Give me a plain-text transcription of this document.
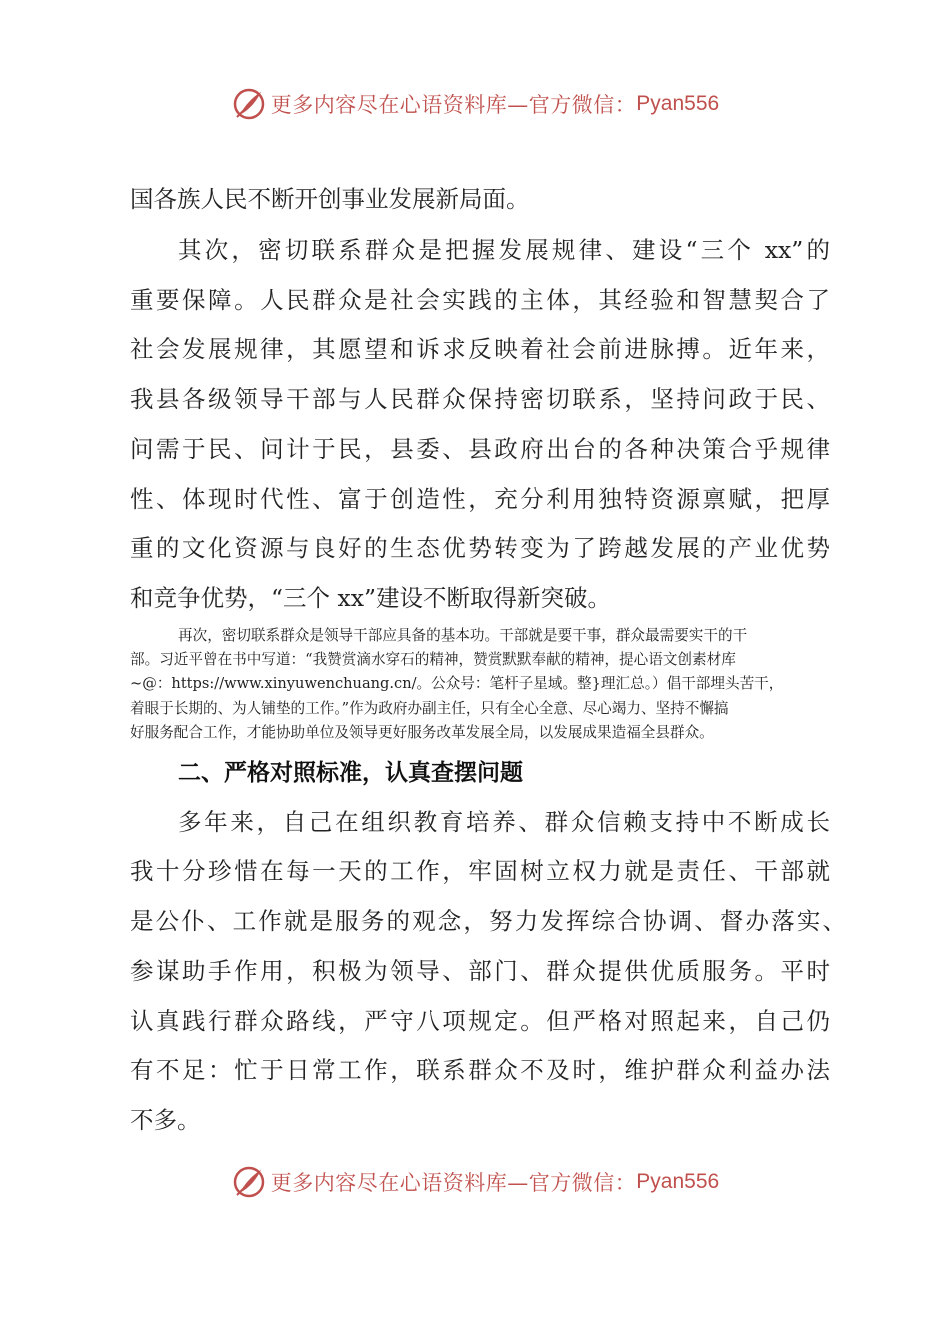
更多内容尽在心语资料库—官方微信： Pyan556
国各族人民不断开创事业发展新局面。
其次，密切联系群众是把握发展规律、建设“三个 xx”的
重要保障。人民群众是社会实践的主体，其经验和智慧契合了
社会发展规律，其愿望和诉求反映着社会前进脉搏。近年来，
我县各级领导干部与人民群众保持密切联系，坚持问政于民、
问需于民、问计于民，县委、县政府出台的各种决策合乎规律
性、体现时代性、富于创造性，充分利用独特资源禀赋，把厚
重的文化资源与良好的生态优势转变为了跨越发展的产业优势
和竞争优势，“三个 xx”建设不断取得新突破。
再次，密切联系群众是领导干部应具备的基本功。干部就是要干事，群众最需要实干的干
部。习近平曾在书中写道：“我赞赏滴水穿石的精神，赞赏默默奉献的精神，提心语文创素材库
~@：https://www.xinyuwenchuang.cn/。公众号：笔杆子星域。整}理汇总。）倡干部埋头苦干，
着眼于长期的、为人铺垫的工作。”作为政府办副主任，只有全心全意、尽心竭力、坚持不懈搞
好服务配合工作，才能协助单位及领导更好服务改革发展全局，以发展成果造福全县群众。
二、严格对照标准，认真查摆问题
多年来，自己在组织教育培养、群众信赖支持中不断成长
我十分珍惜在每一天的工作，牢固树立权力就是责任、干部就
是公仆、工作就是服务的观念，努力发挥综合协调、督办落实、
参谋助手作用，积极为领导、部门、群众提供优质服务。平时
认真践行群众路线，严守八项规定。但严格对照起来，自己仍
有不足：忙于日常工作，联系群众不及时，维护群众利益办法
不多。
更多内容尽在心语资料库—官方微信： Pyan556
